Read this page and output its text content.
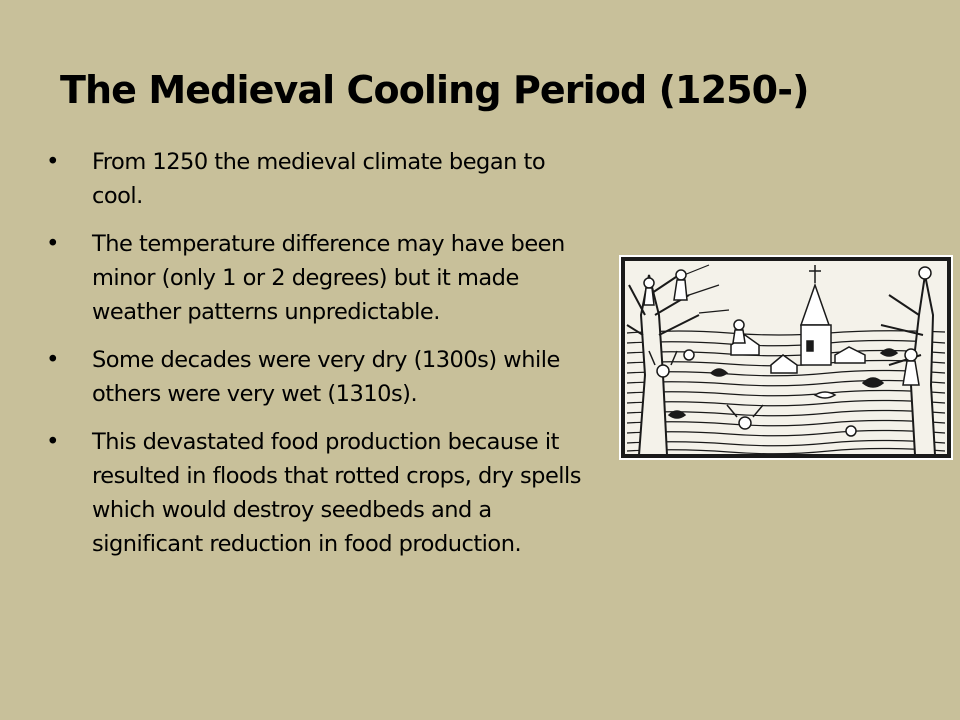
The Medieval Cooling Period (1250-)
• From 1250 the medieval climate began to cool.
• The temperature difference may have been minor (only 1 or 2 degrees) but it made weather patterns unpredictable.
• Some decades were very dry (1300s) while others were very wet (1310s).
• This devastated food production because it resulted in floods that rotted crops, dry spells which would destroy seedbeds and a significant reduction in food production.
